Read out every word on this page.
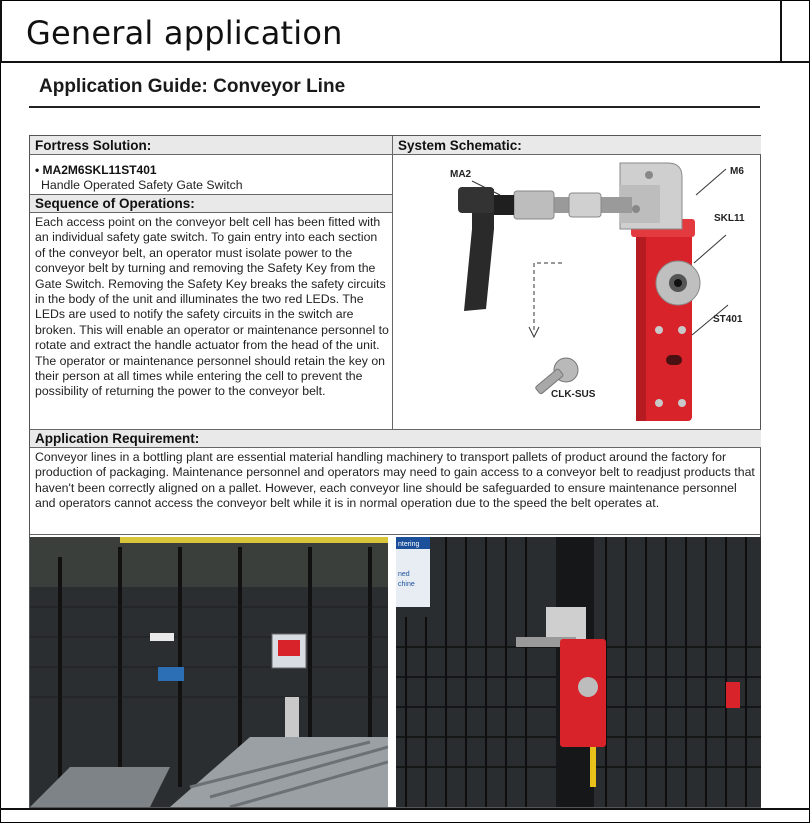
General application
Application Guide: Conveyor Line
Fortress Solution:	System Schematic:
• MA2M6SKL11ST401
Handle Operated Safety Gate Switch
Sequence of Operations:

Each access point on the conveyor belt cell has been fitted with an individual safety gate switch. To gain entry into each section of the conveyor belt, an operator must isolate power to the conveyor belt by turning and removing the Safety Key from the Gate Switch. Removing the Safety Key breaks the safety circuits in the body of the unit and illuminates the two red LEDs. The LEDs are used to notify the safety circuits in the switch are broken. This will enable an operator or maintenance personnel to rotate and extract the handle actuator from the head of the unit. The operator or maintenance personnel should retain the key on their person at all times while entering the cell to prevent the possibility of returning the power to the conveyor belt.

MA2	M6
SKL11
ST401
CLK-SUS
Application Requirement:

Conveyor lines in a bottling plant are essential material handling machinery to transport pallets of product around the factory for production of packaging. Maintenance personnel and operators may need to gain access to a conveyor belt to readjust products that haven't been correctly aligned on a pallet. However, each conveyor line should be safeguarded to ensure maintenance personnel and operators cannot access the conveyor belt while it is in normal operation due to the speed the belt operates at.

ntering
ned
chine
